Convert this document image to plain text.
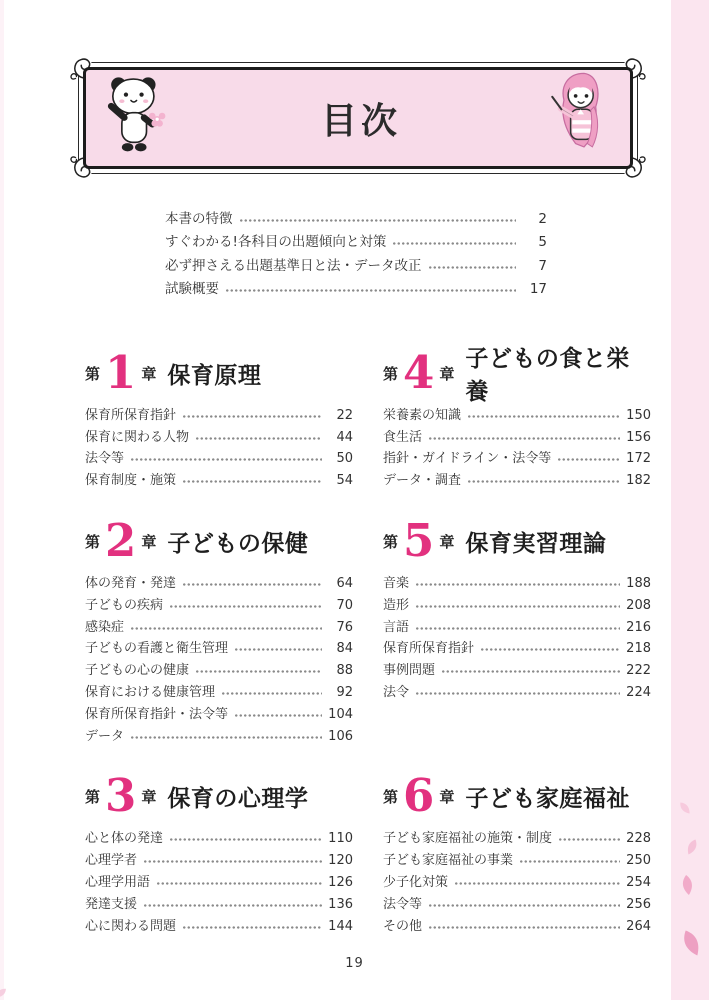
目次
本書の特徴	2
すぐわかる!各科目の出題傾向と対策	5
必ず押さえる出題基準日と法・データ改正	7
試験概要	17
第 1 章 保育原理
保育所保育指針	22
保育に関わる人物	44
法令等	50
保育制度・施策	54
第 4 章
子どもの食と栄養
栄養素の知識	150
食生活	156
指針・ガイドライン・法令等	172
データ・調査	182
第 2 章 子どもの保健
体の発育・発達	64
子どもの疾病	70
感染症	76
子どもの看護と衛生管理	84
子どもの心の健康	88
保育における健康管理	92
保育所保育指針・法令等	104
データ	106
第 5 章 保育実習理論
音楽	188
造形	208
言語	216
保育所保育指針	218
事例問題	222
法令	224
第 3 章 保育の心理学
心と体の発達	110
心理学者	120
心理学用語	126
発達支援	136
心に関わる問題	144
第 6 章 子ども家庭福祉
子ども家庭福祉の施策・制度	228
子ども家庭福祉の事業	250
少子化対策	254
法令等	256
その他	264
19
